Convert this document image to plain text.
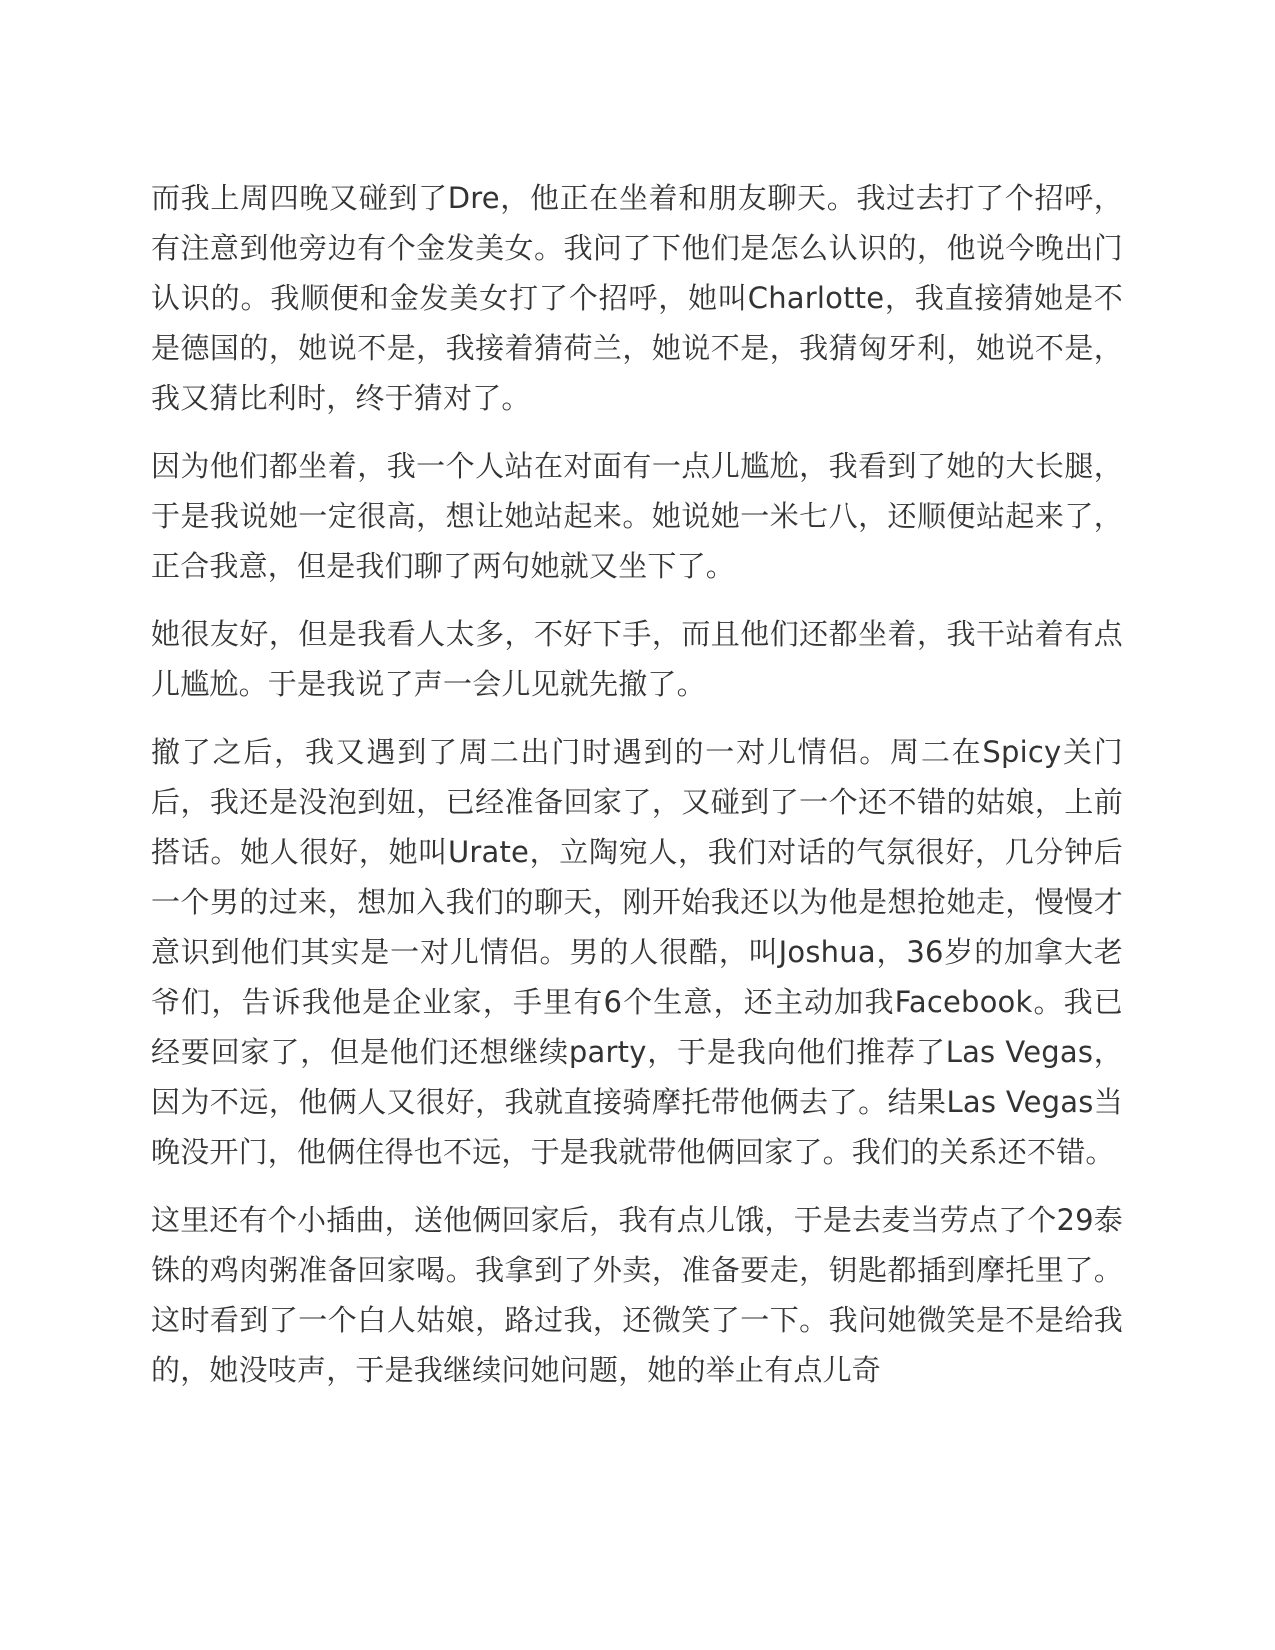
而我上周四晚又碰到了Dre，他正在坐着和朋友聊天。我过去打了个招呼，有注意到他旁边有个金发美女。我问了下他们是怎么认识的，他说今晚出门认识的。我顺便和金发美女打了个招呼，她叫Charlotte，我直接猜她是不是德国的，她说不是，我接着猜荷兰，她说不是，我猜匈牙利，她说不是，我又猜比利时，终于猜对了。

因为他们都坐着，我一个人站在对面有一点儿尴尬，我看到了她的大长腿，于是我说她一定很高，想让她站起来。她说她一米七八，还顺便站起来了，正合我意，但是我们聊了两句她就又坐下了。

她很友好，但是我看人太多，不好下手，而且他们还都坐着，我干站着有点儿尴尬。于是我说了声一会儿见就先撤了。

撤了之后，我又遇到了周二出门时遇到的一对儿情侣。周二在Spicy关门后，我还是没泡到妞，已经准备回家了，又碰到了一个还不错的姑娘，上前搭话。她人很好，她叫Urate，立陶宛人，我们对话的气氛很好，几分钟后一个男的过来，想加入我们的聊天，刚开始我还以为他是想抢她走，慢慢才意识到他们其实是一对儿情侣。男的人很酷，叫Joshua，36岁的加拿大老爷们，告诉我他是企业家，手里有6个生意，还主动加我Facebook。我已经要回家了，但是他们还想继续party，于是我向他们推荐了Las Vegas，因为不远，他俩人又很好，我就直接骑摩托带他俩去了。结果Las Vegas当晚没开门，他俩住得也不远，于是我就带他俩回家了。我们的关系还不错。

这里还有个小插曲，送他俩回家后，我有点儿饿，于是去麦当劳点了个29泰铢的鸡肉粥准备回家喝。我拿到了外卖，准备要走，钥匙都插到摩托里了。这时看到了一个白人姑娘，路过我，还微笑了一下。我问她微笑是不是给我的，她没吱声，于是我继续问她问题，她的举止有点儿奇
